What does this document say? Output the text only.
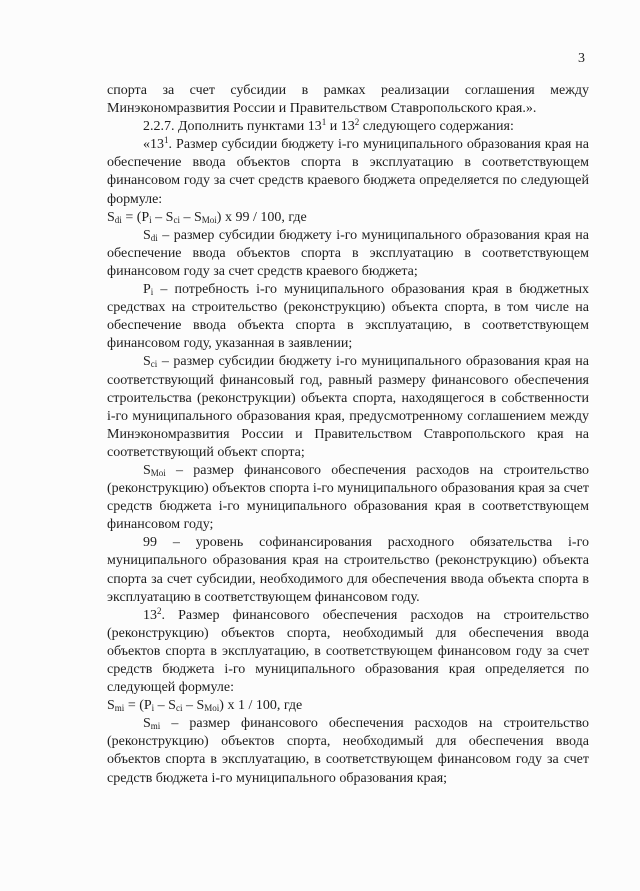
3

спорта за счет субсидии в рамках реализации соглашения между Минэкономразвития России и Правительством Ставропольского края.».

2.2.7. Дополнить пунктами $13^1$ и $13^2$ следующего содержания:

«$13^1$. Размер субсидии бюджету i-го муниципального образования края на обеспечение ввода объектов спорта в эксплуатацию в соответствующем финансовом году за счет средств краевого бюджета определяется по следующей формуле:

$S_{di} = (P_i - S_{ci} - S_{Moi})$ x 99 / 100, где

$S_{di}$ – размер субсидии бюджету i-го муниципального образования края на обеспечение ввода объектов спорта в эксплуатацию в соответствующем финансовом году за счет средств краевого бюджета;

$P_i$ – потребность i-го муниципального образования края в бюджетных средствах на строительство (реконструкцию) объекта спорта, в том числе на обеспечение ввода объекта спорта в эксплуатацию, в соответствующем финансовом году, указанная в заявлении;

$S_{ci}$ – размер субсидии бюджету i-го муниципального образования края на соответствующий финансовый год, равный размеру финансового обеспечения строительства (реконструкции) объекта спорта, находящегося в собственности i-го муниципального образования края, предусмотренному соглашением между Минэкономразвития России и Правительством Ставропольского края на соответствующий объект спорта;

$S_{Moi}$ – размер финансового обеспечения расходов на строительство (реконструкцию) объектов спорта i-го муниципального образования края за счет средств бюджета i-го муниципального образования края в соответствующем финансовом году;

99 – уровень софинансирования расходного обязательства i-го муниципального образования края на строительство (реконструкцию) объекта спорта за счет субсидии, необходимого для обеспечения ввода объекта спорта в эксплуатацию в соответствующем финансовом году.

$13^2$. Размер финансового обеспечения расходов на строительство (реконструкцию) объектов спорта, необходимый для обеспечения ввода объектов спорта в эксплуатацию, в соответствующем финансовом году за счет средств бюджета i-го муниципального образования края определяется по следующей формуле:

$S_{mi} = (P_i - S_{ci} - S_{Moi})$ x 1 / 100, где

$S_{mi}$ – размер финансового обеспечения расходов на строительство (реконструкцию) объектов спорта, необходимый для обеспечения ввода объектов спорта в эксплуатацию, в соответствующем финансовом году за счет средств бюджета i-го муниципального образования края;
